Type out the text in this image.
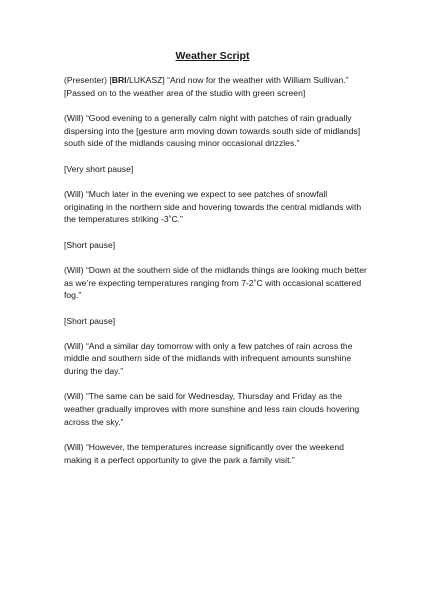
Weather Script

(Presenter) [BRI/LUKASZ] “And now for the weather with William Sullivan.”

[Passed on to the weather area of the studio with green screen]

(Will) “Good evening to a generally calm night with patches of rain gradually dispersing into the [gesture arm moving down towards south side of midlands] south side of the midlands causing minor occasional drizzles.”

[Very short pause]

(Will) “Much later in the evening we expect to see patches of snowfall originating in the northern side and hovering towards the central midlands with the temperatures striking -3˚C.”

[Short pause]

(Will) “Down at the southern side of the midlands things are looking much better as we’re expecting temperatures ranging from 7-2˚C with occasional scattered fog.”

[Short pause]

(Will) “And a similar day tomorrow with only a few patches of rain across the middle and southern side of the midlands with infrequent amounts sunshine during the day.”

(Will) “The same can be said for Wednesday, Thursday and Friday as the weather gradually improves with more sunshine and less rain clouds hovering across the sky.”

(Will) “However, the temperatures increase significantly over the weekend making it a perfect opportunity to give the park a family visit.”
